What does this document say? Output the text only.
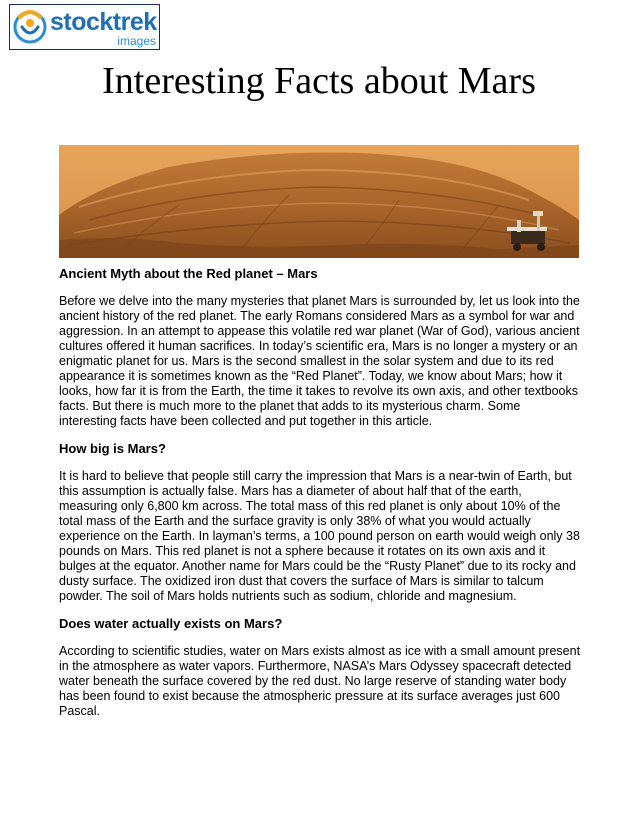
stocktrek
images
Interesting Facts about Mars
Ancient Myth about the Red planet – Mars

Before we delve into the many mysteries that planet Mars is surrounded by, let us look into the ancient history of the red planet. The early Romans considered Mars as a symbol for war and aggression. In an attempt to appease this volatile red war planet (War of God), various ancient cultures offered it human sacrifices. In today’s scientific era, Mars is no longer a mystery or an enigmatic planet for us. Mars is the second smallest in the solar system and due to its red appearance it is sometimes known as the “Red Planet”. Today, we know about Mars; how it looks, how far it is from the Earth, the time it takes to revolve its own axis, and other textbooks facts. But there is much more to the planet that adds to its mysterious charm. Some interesting facts have been collected and put together in this article.

How big is Mars?

It is hard to believe that people still carry the impression that Mars is a near-twin of Earth, but this assumption is actually false. Mars has a diameter of about half that of the earth, measuring only 6,800 km across. The total mass of this red planet is only about 10% of the total mass of the Earth and the surface gravity is only 38% of what you would actually experience on the Earth. In layman’s terms, a 100 pound person on earth would weigh only 38 pounds on Mars. This red planet is not a sphere because it rotates on its own axis and it bulges at the equator. Another name for Mars could be the “Rusty Planet” due to its rocky and dusty surface. The oxidized iron dust that covers the surface of Mars is similar to talcum powder. The soil of Mars holds nutrients such as sodium, chloride and magnesium.

Does water actually exists on Mars?

According to scientific studies, water on Mars exists almost as ice with a small amount present in the atmosphere as water vapors. Furthermore, NASA’s Mars Odyssey spacecraft detected water beneath the surface covered by the red dust. No large reserve of standing water body has been found to exist because the atmospheric pressure at its surface averages just 600 Pascal.
